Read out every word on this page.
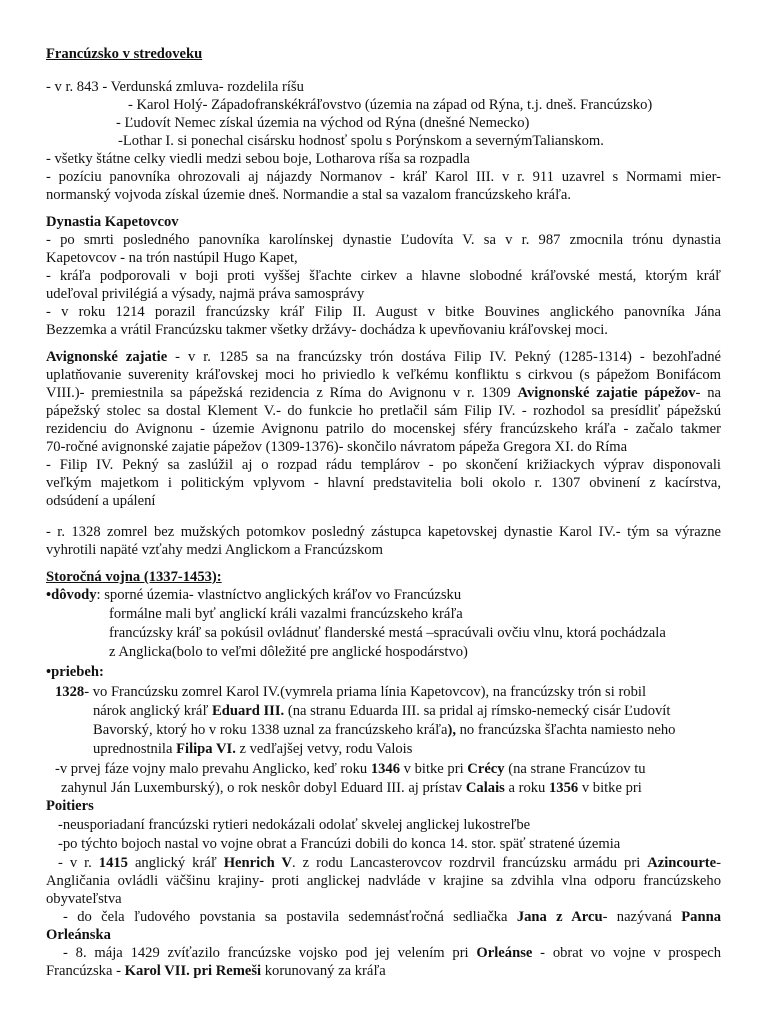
Francúzsko v stredoveku
- v r. 843 - Verdunská zmluva- rozdelila ríšu
- Karol Holý- Západofranskékráľovstvo (územia na západ od Rýna, t.j. dneš. Francúzsko)
- Ľudovít Nemec získal územia na východ od Rýna (dnešné Nemecko)
-Lothar I. si ponechal cisársku hodnosť spolu s Porýnskom a severnýmTalianskom.
- všetky štátne celky viedli medzi sebou boje, Lotharova ríša sa rozpadla
- pozíciu panovníka ohrozovali aj nájazdy Normanov - kráľ Karol III. v r. 911 uzavrel s Normami mier-
normanský vojvoda získal územie dneš. Normandie a stal sa vazalom francúzskeho kráľa.
Dynastia Kapetovcov
- po smrti posledného panovníka karolínskej dynastie Ľudovíta V. sa v r. 987 zmocnila trónu dynastia
Kapetovcov - na trón nastúpil Hugo Kapet,
- kráľa podporovali v boji proti vyššej šľachte cirkev a hlavne slobodné kráľovské mestá, ktorým kráľ
udeľoval privilégiá a výsady, najmä práva samosprávy
- v roku 1214 porazil francúzsky kráľ Filip II. August v bitke Bouvines anglického panovníka Jána
Bezzemka a vrátil Francúzsku takmer všetky držávy- dochádza k upevňovaniu kráľovskej moci.
Avignonské zajatie - v r. 1285 sa na francúzsky trón dostáva Filip IV. Pekný (1285-1314) - bezohľadné
uplatňovanie suverenity kráľovskej moci ho priviedlo k veľkému konfliktu s cirkvou (s pápežom Bonifácom
VIII.)- premiestnila sa pápežská rezidencia z Ríma do Avignonu v r. 1309 Avignonské zajatie pápežov- na
pápežský stolec sa dostal Klement V.- do funkcie ho pretlačil sám Filip IV. - rozhodol sa presídliť pápežskú
rezidenciu do Avignonu - územie Avignonu patrilo do mocenskej sféry francúzskeho kráľa - začalo takmer
70-ročné avignonské zajatie pápežov (1309-1376)- skončilo návratom pápeža Gregora XI. do Ríma
- Filip IV. Pekný sa zaslúžil aj o rozpad rádu templárov - po skončení križiackych výprav disponovali
veľkým majetkom i politickým vplyvom - hlavní predstavitelia boli okolo r. 1307 obvinení z kacírstva,
odsúdení a upálení
- r. 1328 zomrel bez mužských potomkov posledný zástupca kapetovskej dynastie Karol IV.- tým sa výrazne
vyhrotili napäté vzťahy medzi Anglickom a Francúzskom
Storočná vojna (1337-1453):
•dôvody: sporné územia- vlastníctvo anglických kráľov vo Francúzsku
formálne mali byť anglickí králi vazalmi francúzskeho kráľa
francúzsky kráľ sa pokúsil ovládnuť flanderské mestá –spracúvali ovčiu vlnu, ktorá pochádzala
z Anglicka(bolo to veľmi dôležité pre anglické hospodárstvo)
•priebeh:
1328- vo Francúzsku zomrel Karol IV.(vymrela priama línia Kapetovcov), na francúzsky trón si robil
nárok anglický kráľ Eduard III. (na stranu Eduarda III. sa pridal aj rímsko-nemecký cisár Ľudovít
Bavorský, ktorý ho v roku 1338 uznal za francúzskeho kráľa), no francúzska šľachta namiesto neho
uprednostnila Filipa VI. z vedľajšej vetvy, rodu Valois
-v prvej fáze vojny malo prevahu Anglicko, keď roku 1346 v bitke pri Crécy (na strane Francúzov tu
zahynul Ján Luxemburský), o rok neskôr dobyl Eduard III. aj prístav Calais a roku 1356 v bitke pri
Poitiers
-neusporiadaní francúzski rytieri nedokázali odolať skvelej anglickej lukostreľbe
-po týchto bojoch nastal vo vojne obrat a Francúzi dobili do konca 14. stor. späť stratené územia
- v r. 1415 anglický kráľ Henrich V. z rodu Lancasterovcov rozdrvil francúzsku armádu pri Azincourte-
Angličania ovládli väčšinu krajiny- proti anglickej nadvláde v krajine sa zdvihla vlna odporu francúzskeho
obyvateľstva
- do čela ľudového povstania sa postavila sedemnásťročná sedliačka Jana z Arcu- nazývaná Panna
Orleánska
- 8. mája 1429 zvíťazilo francúzske vojsko pod jej velením pri Orleánse - obrat vo vojne v prospech
Francúzska - Karol VII. pri Remeši korunovaný za kráľa
